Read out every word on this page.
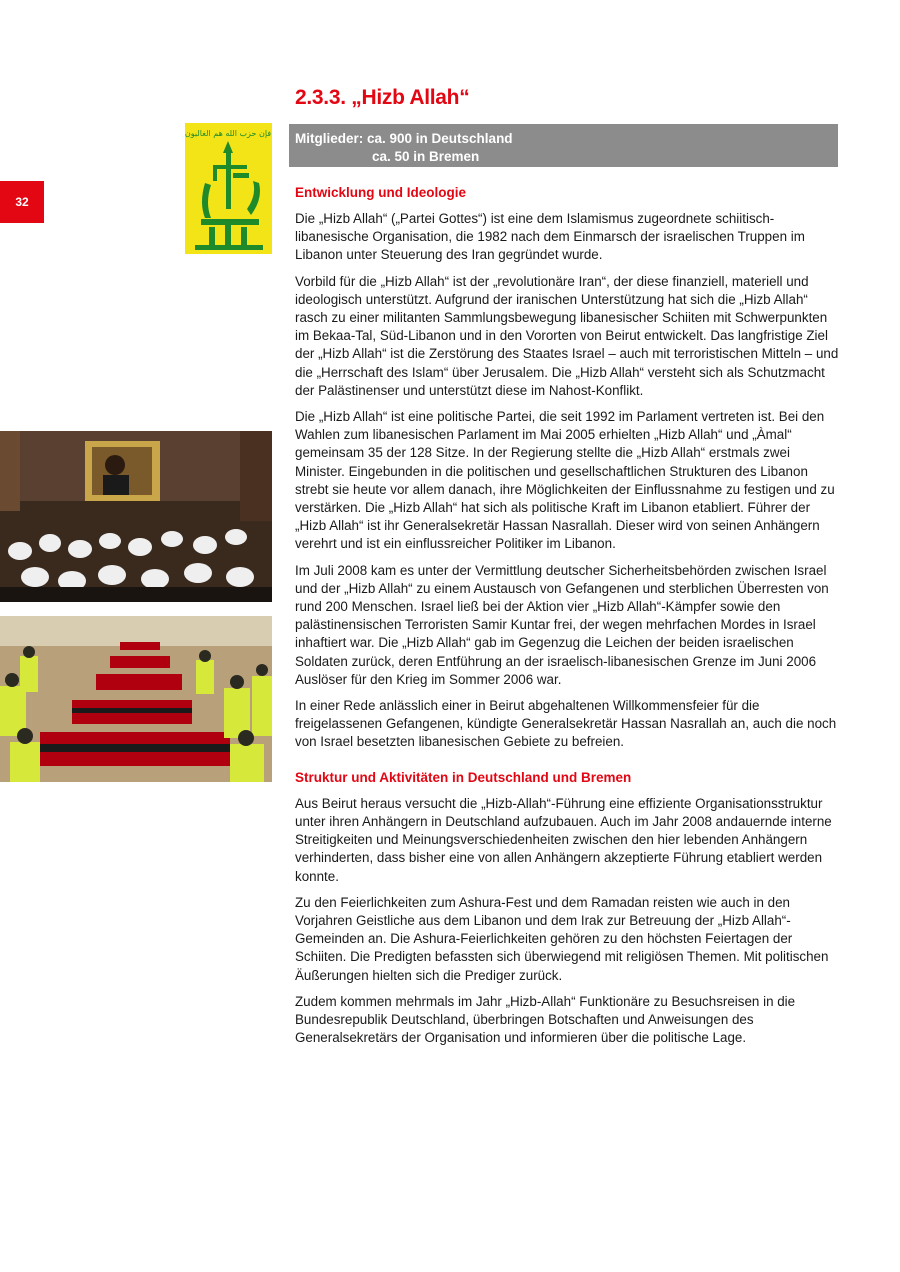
32
فإن حزب الله هم الغالبون
2.3.3. „Hizb Allah“
Mitglieder: ca. 900 in Deutschland
ca. 50 in Bremen
Entwicklung und Ideologie

Die „Hizb Allah“ („Partei Gottes“) ist eine dem Islamismus zugeordnete schiitisch-libanesische Organisation, die 1982 nach dem Einmarsch der israelischen Truppen im Libanon unter Steuerung des Iran gegründet wurde.

Vorbild für die „Hizb Allah“ ist der „revolutionäre Iran“, der diese finanziell, materiell und ideologisch unterstützt. Aufgrund der iranischen Unterstützung hat sich die „Hizb Allah“ rasch zu einer militanten Sammlungsbewegung libanesischer Schiiten mit Schwerpunkten im Bekaa-Tal, Süd-Libanon und in den Vororten von Beirut entwickelt. Das langfristige Ziel der „Hizb Allah“ ist die Zerstörung des Staates Israel – auch mit terroristischen Mitteln – und die „Herrschaft des Islam“ über Jerusalem. Die „Hizb Allah“ versteht sich als Schutzmacht der Palästinenser und unterstützt diese im Nahost-Konflikt.

Die „Hizb Allah“ ist eine politische Partei, die seit 1992 im Parlament vertreten ist. Bei den Wahlen zum libanesischen Parlament im Mai 2005 erhielten „Hizb Allah“ und „Àmal“ gemeinsam 35 der 128 Sitze. In der Regierung stellte die „Hizb Allah“ erstmals zwei Minister. Eingebunden in die politischen und gesellschaftlichen Strukturen des Libanon strebt sie heute vor allem danach, ihre Möglichkeiten der Einflussnahme zu festigen und zu verstärken. Die „Hizb Allah“ hat sich als politische Kraft im Libanon etabliert. Führer der „Hizb Allah“ ist ihr Generalsekretär Hassan Nasrallah. Dieser wird von seinen Anhängern verehrt und ist ein einflussreicher Politiker im Libanon.

Im Juli 2008 kam es unter der Vermittlung deutscher Sicherheitsbehörden zwischen Israel und der „Hizb Allah“ zu einem Austausch von Gefangenen und sterblichen Überresten von rund 200 Menschen. Israel ließ bei der Aktion vier „Hizb Allah“-Kämpfer sowie den palästinensischen Terroristen Samir Kuntar frei, der wegen mehrfachen Mordes in Israel inhaftiert war. Die „Hizb Allah“ gab im Gegenzug die Leichen der beiden israelischen Soldaten zurück, deren Entführung an der israelisch-libanesischen Grenze im Juni 2006 Auslöser für den Krieg im Sommer 2006 war.

In einer Rede anlässlich einer in Beirut abgehaltenen Willkommensfeier für die freigelassenen Gefangenen, kündigte Generalsekretär Hassan Nasrallah an, auch die noch von Israel besetzten libanesischen Gebiete zu befreien.

Struktur und Aktivitäten in Deutschland und Bremen

Aus Beirut heraus versucht die „Hizb-Allah“-Führung eine effiziente Organisationsstruktur unter ihren Anhängern in Deutschland aufzubauen. Auch im Jahr 2008 andauernde interne Streitigkeiten und Meinungsverschiedenheiten zwischen den hier lebenden Anhängern verhinderten, dass bisher eine von allen Anhängern akzeptierte Führung etabliert werden konnte.

Zu den Feierlichkeiten zum Ashura-Fest und dem Ramadan reisten wie auch in den Vorjahren Geistliche aus dem Libanon und dem Irak zur Betreuung der „Hizb Allah“-Gemeinden an. Die Ashura-Feierlichkeiten gehören zu den höchsten Feiertagen der Schiiten. Die Predigten befassten sich überwiegend mit religiösen Themen. Mit politischen Äußerungen hielten sich die Prediger zurück.

Zudem kommen mehrmals im Jahr „Hizb-Allah“ Funktionäre zu Besuchsreisen in die Bundesrepublik Deutschland, überbringen Botschaften und Anweisungen des Generalsekretärs der Organisation und informieren über die politische Lage.
